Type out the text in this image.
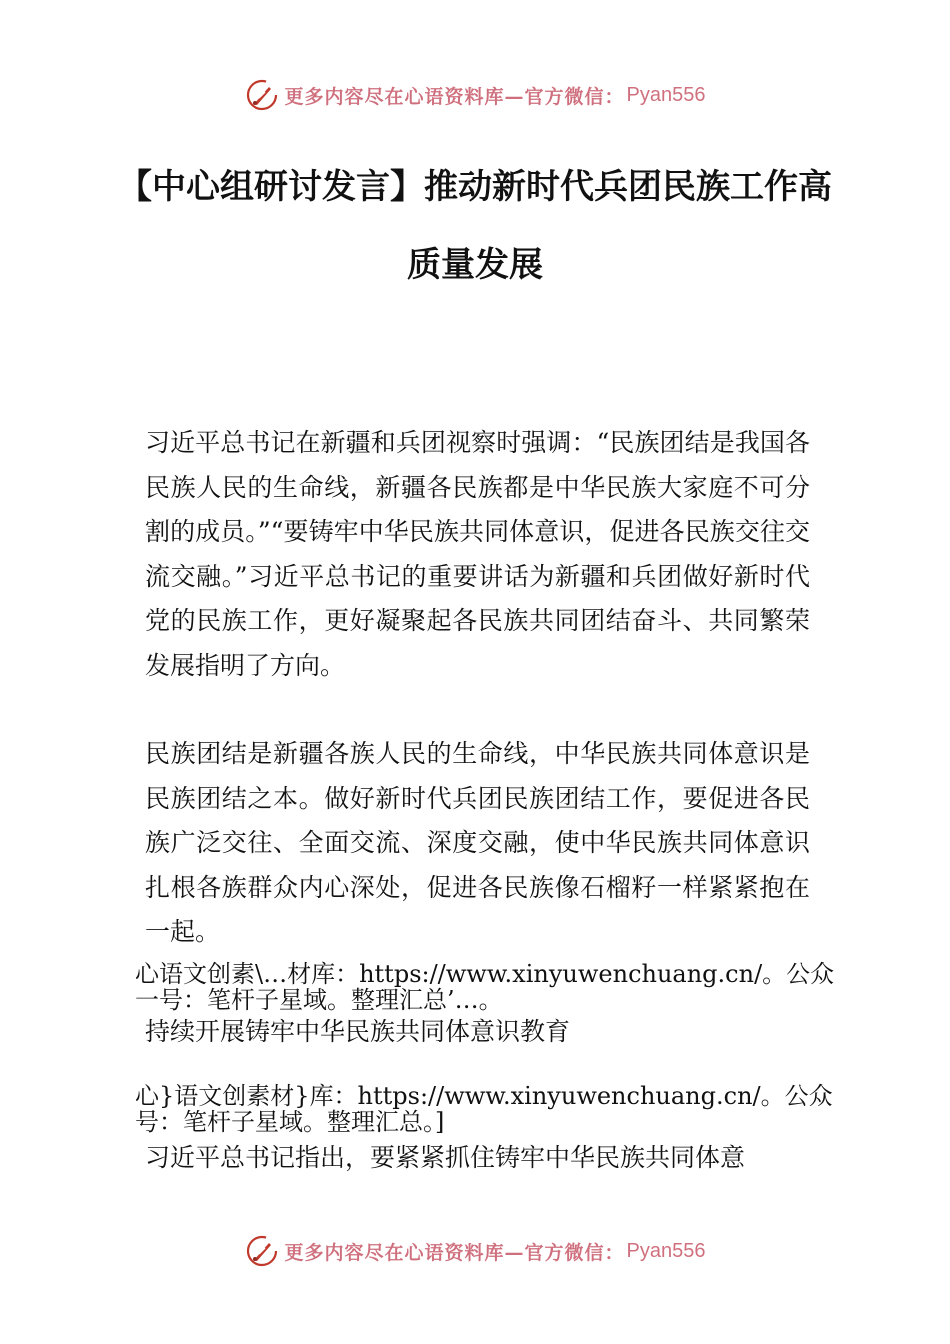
更多内容尽在心语资料库—官方微信： Pyan556
【中心组研讨发言】推动新时代兵团民族工作高质量发展

习近平总书记在新疆和兵团视察时强调：“民族团结是我国各民族人民的生命线，新疆各民族都是中华民族大家庭不可分割的成员。”“要铸牢中华民族共同体意识，促进各民族交往交流交融。”习近平总书记的重要讲话为新疆和兵团做好新时代党的民族工作，更好凝聚起各民族共同团结奋斗、共同繁荣发展指明了方向。

民族团结是新疆各族人民的生命线，中华民族共同体意识是民族团结之本。做好新时代兵团民族团结工作，要促进各民族广泛交往、全面交流、深度交融，使中华民族共同体意识扎根各族群众内心深处，促进各民族像石榴籽一样紧紧抱在一起。

心语文创素\…材库：https://www.xinyuwenchuang.cn/。公众一号：笔杆子星域。整理汇总’…。

持续开展铸牢中华民族共同体意识教育

心}语文创素材}库：https://www.xinyuwenchuang.cn/。公众号：笔杆子星域。整理汇总。]

习近平总书记指出，要紧紧抓住铸牢中华民族共同体意

更多内容尽在心语资料库—官方微信： Pyan556
